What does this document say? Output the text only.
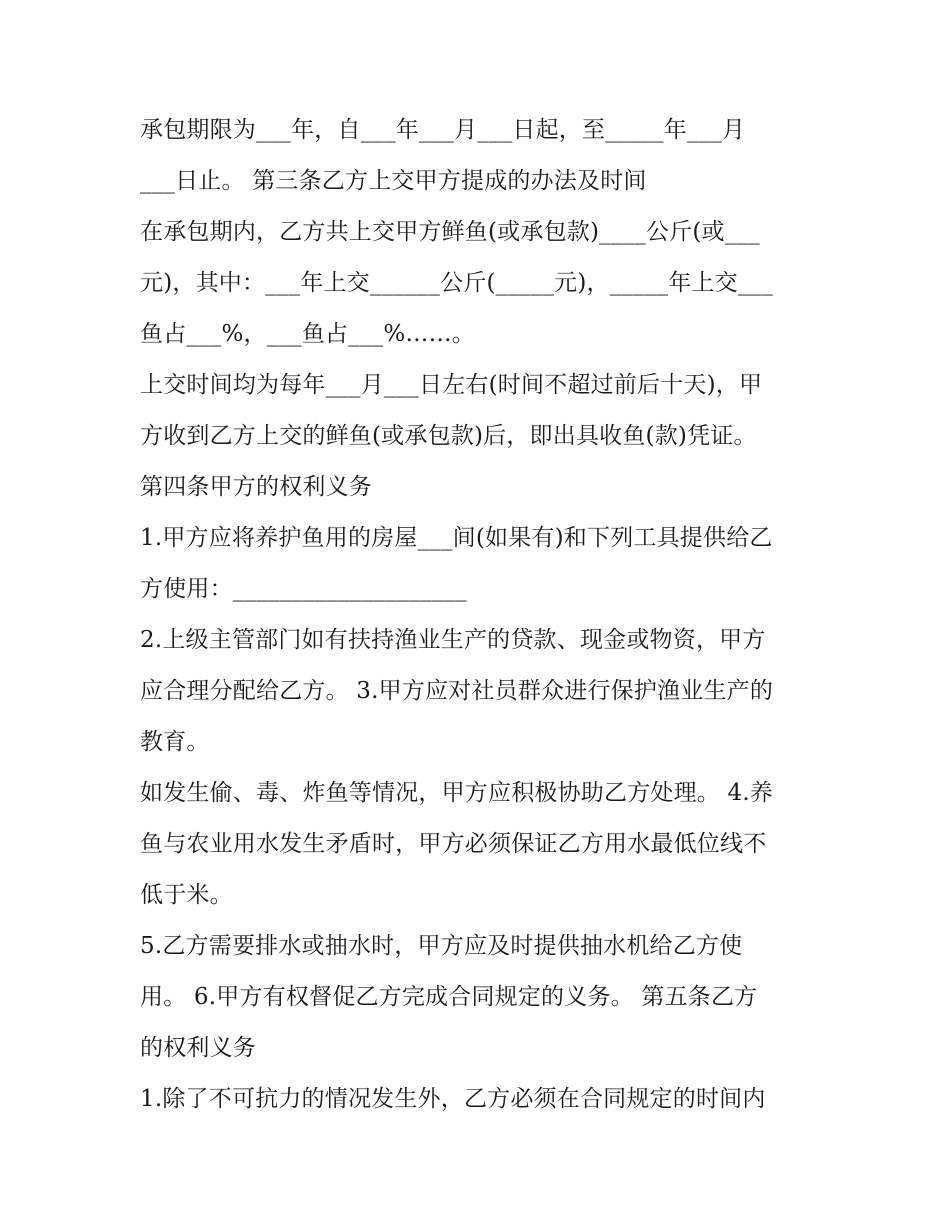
承包期限为___年，自___年___月___日起，至_____年___月
___日止。 第三条乙方上交甲方提成的办法及时间
在承包期内，乙方共上交甲方鲜鱼(或承包款)____公斤(或___
元)，其中：___年上交______公斤(_____元)，_____年上交___
鱼占___%，___鱼占___%……。
上交时间均为每年___月___日左右(时间不超过前后十天)，甲
方收到乙方上交的鲜鱼(或承包款)后，即出具收鱼(款)凭证。
第四条甲方的权利义务
1.甲方应将养护鱼用的房屋___间(如果有)和下列工具提供给乙
方使用：____________________
2.上级主管部门如有扶持渔业生产的贷款、现金或物资，甲方
应合理分配给乙方。 3.甲方应对社员群众进行保护渔业生产的
教育。
如发生偷、毒、炸鱼等情况，甲方应积极协助乙方处理。 4.养
鱼与农业用水发生矛盾时，甲方必须保证乙方用水最低位线不
低于米。
5.乙方需要排水或抽水时，甲方应及时提供抽水机给乙方使
用。 6.甲方有权督促乙方完成合同规定的义务。 第五条乙方
的权利义务
1.除了不可抗力的情况发生外，乙方必须在合同规定的时间内
